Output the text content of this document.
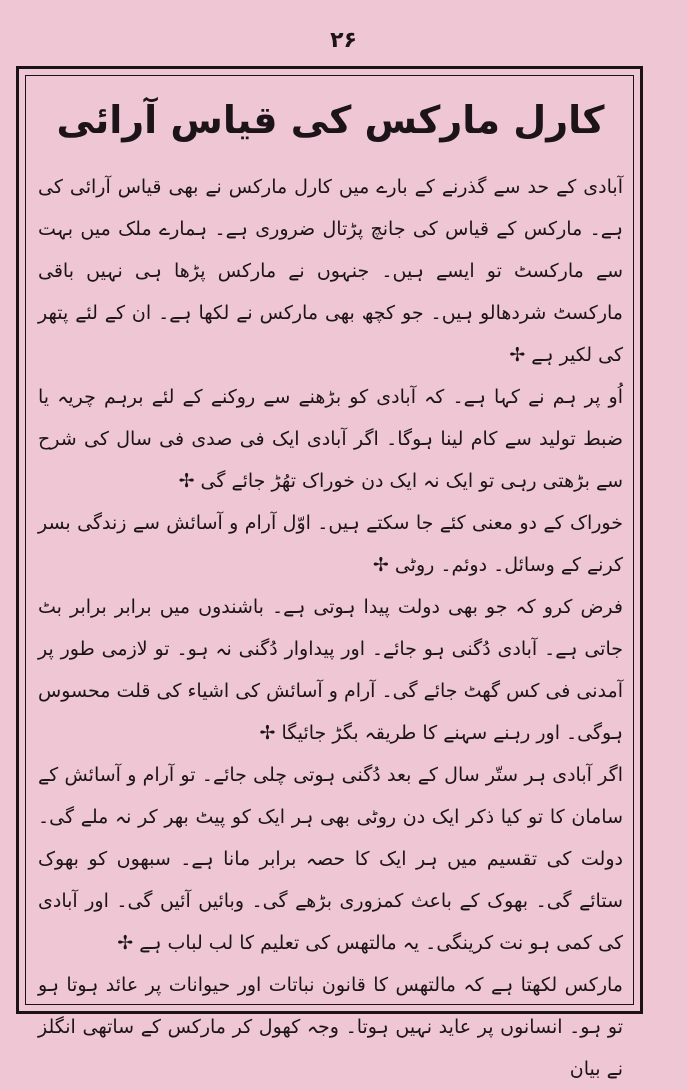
۲۶
کارل مارکس کی قیاس آرائی
آبادی کے حد سے گذرنے کے بارے میں کارل مارکس نے بھی قیاس آرائی کی ہے۔ مارکس کے قیاس کی جانچ پڑتال ضروری ہے۔ ہمارے ملک میں بہت سے مارکسٹ تو ایسے ہیں۔ جنہوں نے مارکس پڑھا ہی نہیں باقی مارکسٹ شردھالو ہیں۔ جو کچھ بھی مارکس نے لکھا ہے۔ ان کے لئے پتھر کی لکیر ہے ✢
اُو پر ہم نے کہا ہے۔ کہ آبادی کو بڑھنے سے روکنے کے لئے برہم چریہ یا ضبط تولید سے کام لینا ہوگا۔ اگر آبادی ایک فی صدی فی سال کی شرح سے بڑھتی رہی تو ایک نہ ایک دن خوراک تھُڑ جائے گی ✢
خوراک کے دو معنی کئے جا سکتے ہیں۔ اوّل آرام و آسائش سے زندگی بسر کرنے کے وسائل۔ دوئم۔ روٹی ✢
فرض کرو کہ جو بھی دولت پیدا ہوتی ہے۔ باشندوں میں برابر برابر بٹ جاتی ہے۔ آبادی دُگنی ہو جائے۔ اور پیداوار دُگنی نہ ہو۔ تو لازمی طور پر آمدنی فی کس گھٹ جائے گی۔ آرام و آسائش کی اشیاء کی قلت محسوس ہوگی۔ اور رہنے سہنے کا طریقہ بگڑ جائیگا ✢
اگر آبادی ہر ستّر سال کے بعد دُگنی ہوتی چلی جائے۔ تو آرام و آسائش کے سامان کا تو کیا ذکر ایک دن روٹی بھی ہر ایک کو پیٹ بھر کر نہ ملے گی۔ دولت کی تقسیم میں ہر ایک کا حصہ برابر مانا ہے۔ سبھوں کو بھوک ستائے گی۔ بھوک کے باعث کمزوری بڑھے گی۔ وبائیں آئیں گی۔ اور آبادی کی کمی ہو نت کرینگی۔ یہ مالتھس کی تعلیم کا لب لباب ہے ✢
مارکس لکھتا ہے کہ مالتھس کا قانون نباتات اور حیوانات پر عائد ہوتا ہو تو ہو۔ انسانوں پر عاید نہیں ہوتا۔ وجہ کھول کر مارکس کے ساتھی انگلز نے بیان
